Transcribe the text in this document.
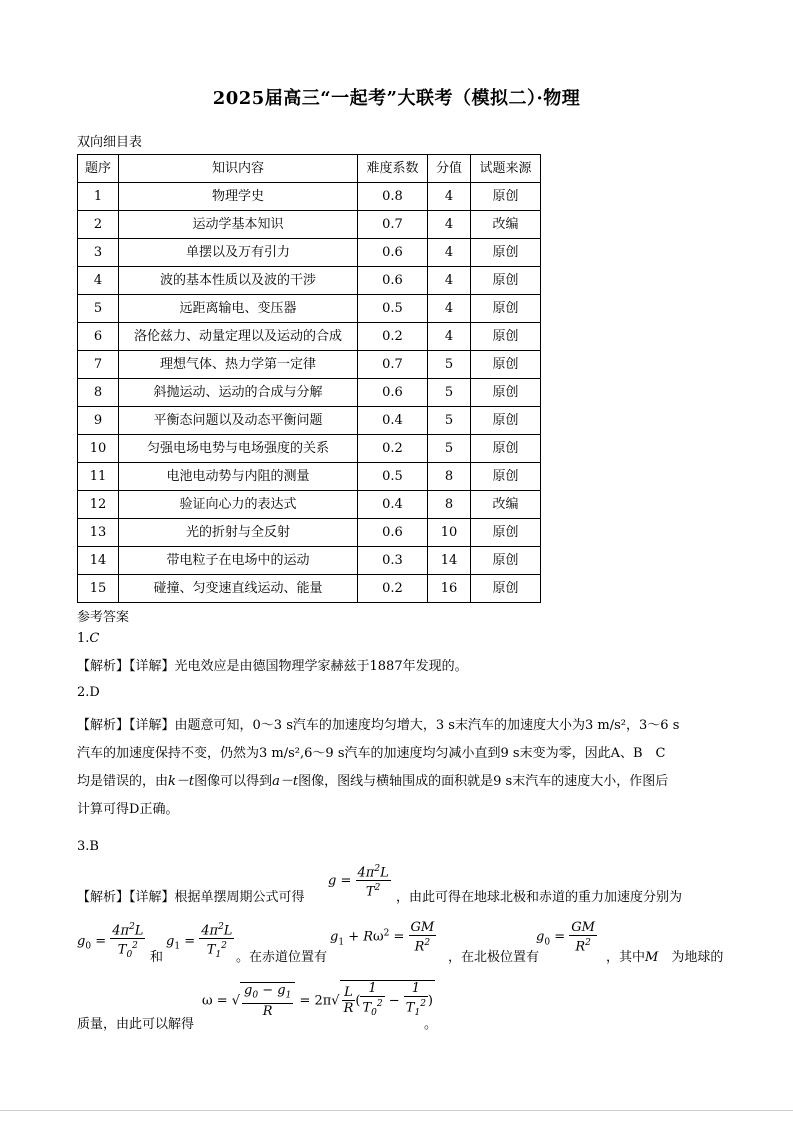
2025届高三“一起考”大联考（模拟二）·物理
双向细目表
题序	知识内容	难度系数	分值	试题来源
1	物理学史	0.8	4	原创
2	运动学基本知识	0.7	4	改编
3	单摆以及万有引力	0.6	4	原创
4	波的基本性质以及波的干涉	0.6	4	原创
5	远距离输电、变压器	0.5	4	原创
6	洛伦兹力、动量定理以及运动的合成	0.2	4	原创
7	理想气体、热力学第一定律	0.7	5	原创
8	斜抛运动、运动的合成与分解	0.6	5	原创
9	平衡态问题以及动态平衡问题	0.4	5	原创
10	匀强电场电势与电场强度的关系	0.2	5	原创
11	电池电动势与内阻的测量	0.5	8	原创
12	验证向心力的表达式	0.4	8	改编
13	光的折射与全反射	0.6	10	原创
14	带电粒子在电场中的运动	0.3	14	原创
15	碰撞、匀变速直线运动、能量	0.2	16	原创
参考答案
1.C
【解析】【详解】光电效应是由德国物理学家赫兹于1887年发现的。
2.D
【解析】【详解】由题意可知，0～3 s汽车的加速度均匀增大，3 s末汽车的加速度大小为3 m/s²，3～6 s
汽车的加速度保持不变，仍然为3 m/s²,6～9 s汽车的加速度均匀减小直到9 s末变为零，因此A、B　C
均是错误的，由k－t图像可以得到a－t图像，图线与横轴围成的面积就是9 s末汽车的速度大小，作图后
计算可得D正确。
3.B
【解析】【详解】根据单摆周期公式可得
$g = \frac{4\pi^2L}{T^2}$ ，由此可得在地球北极和赤道的重力加速度分别为
$g_0 = \frac{4\pi^2L}{T_0^2}$ 和
$g_1 = \frac{4\pi^2L}{T_1^2}$ 。在赤道位置有
$g_1 + R\omega^2 = \frac{GM}{R^2}$
，在北极位置有
$g_0 = \frac{GM}{R^2}$
，其中M　 为地球的
质量，由此可以解得
ω = √ $\frac{g_0 - g_1}{R} = 2\pi√ \frac{L}{R}$ ( $\frac{1}{T_0^2} - \frac{1}{T_1^2}$ )
。
